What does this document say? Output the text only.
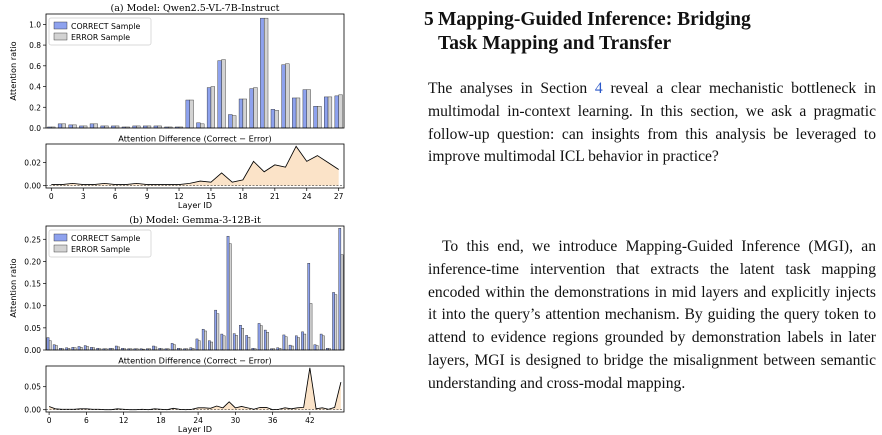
(a) Model: Qwen2.5-VL-7B-Instruct
0.0
0.2
0.4
0.6
0.8
1.0
Attention ratio
CORRECT Sample
ERROR Sample
Attention Difference (Correct − Error)
0.00
0.02
0	3	6	9	12	15	18	21	24	27
Layer ID
(b) Model: Gemma-3-12B-it
0.00
0.05
0.10
0.15
0.20
0.25
Attention ratio
CORRECT Sample
ERROR Sample
Attention Difference (Correct − Error)
0.00
0.05
0	6	12	18	24	30	36	42
Layer ID
5 Mapping-Guided Inference: Bridging
Task Mapping and Transfer

The analyses in Section 4 reveal a clear mechanistic bottleneck in multimodal in-context learning. In this section, we ask a pragmatic follow-up question: can insights from this analysis be leveraged to improve multimodal ICL behavior in practice?

To this end, we introduce Mapping-Guided Inference (MGI), an inference-time intervention that extracts the latent task mapping encoded within the demonstrations in mid layers and explicitly injects it into the query’s attention mechanism. By guiding the query token to attend to evidence regions grounded by demonstration labels in later layers, MGI is designed to bridge the misalignment between semantic understanding and cross-modal mapping.
